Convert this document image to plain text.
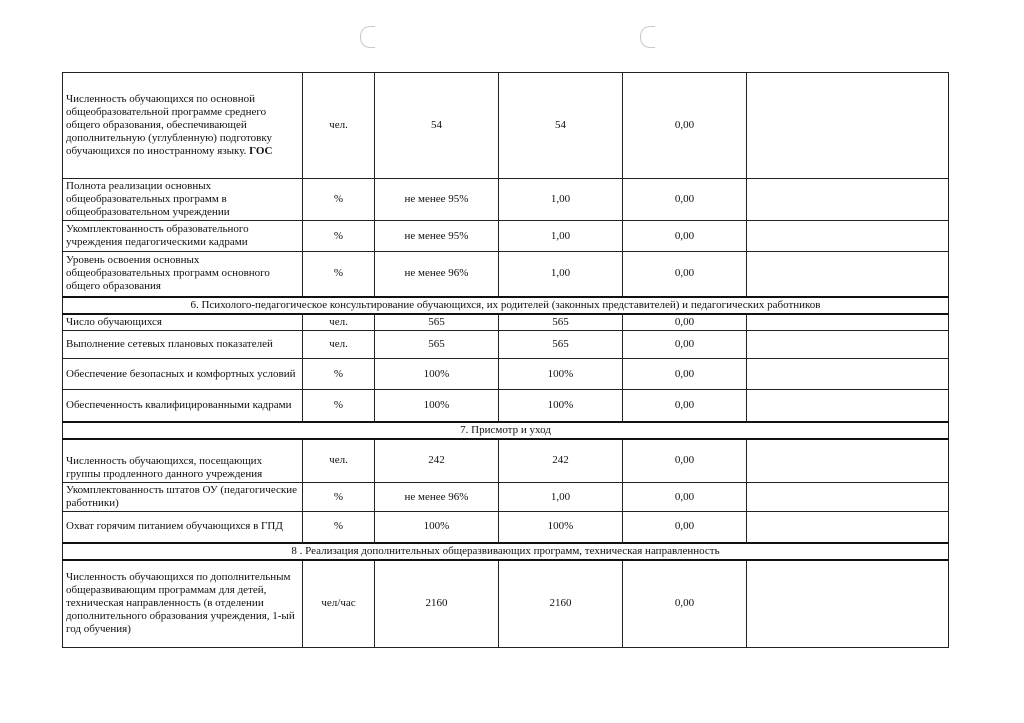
Численность обучающихся по основной общеобразовательной программе среднего общего образования, обеспечивающей дополнительную (углубленную) подготовку обучающихся по иностранному языку. ГОС	чел.	54	54	0,00	
Полнота реализации основных общеобразовательных программ в общеобразовательном учреждении	%	не менее 95%	1,00	0,00	
Укомплектованность образовательного учреждения педагогическими кадрами	%	не менее 95%	1,00	0,00	
Уровень освоения основных общеобразовательных программ основного общего образования	%	не менее 96%	1,00	0,00	
6. Психолого-педагогическое консультирование обучающихся, их родителей (законных представителей) и педагогических работников					
Число обучающихся	чел.	565	565	0,00	
Выполнение сетевых плановых показателей	чел.	565	565	0,00	
Обеспечение безопасных и комфортных условий	%	100%	100%	0,00	
Обеспеченность квалифицированными кадрами	%	100%	100%	0,00	
7. Присмотр и уход					
Численность обучающихся, посещающих группы продленного данного учреждения	чел.	242	242	0,00	
Укомплектованность штатов ОУ (педагогические работники)	%	не менее 96%	1,00	0,00	
Охват горячим питанием обучающихся в ГПД	%	100%	100%	0,00	
8 . Реализация дополнительных общеразвивающих программ, техническая направленность					
Численность обучающихся по дополнительным общеразвивающим программам для детей, техническая направленность (в отделении дополнительного образования учреждения, 1-ый год обучения)	чел/час	2160	2160	0,00	
